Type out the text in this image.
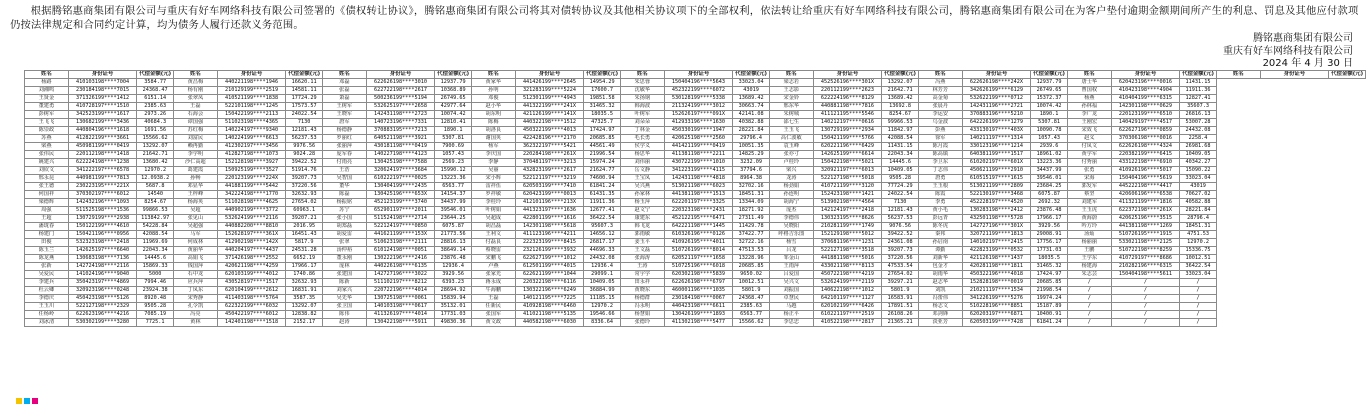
根据腾铭惠商集团有限公司与重庆有好车网络科技有限公司签署的《债权转让协议》，腾铭惠商集团有限公司将其对债转协议及其他相关协议项下的全部权利，依法转让给重庆有好车网络科技有限公司，腾铭惠商集团有限公司在为客户垫付逾期金额期间所产生的利息、罚息及其他应付款项仍按法律规定和合同约定计算，均为债务人履行还款义务范围。
腾铭惠商集团有限公司
重庆有好车网络科技有限公司
2024 年 4 月 30 日
姓名	身份证号	代偿金额(元)	姓名	身份证号	代偿金额(元)	姓名	身份证号	代偿金额(元)	姓名	身份证号	代偿金额(元)	姓名	身份证号	代偿金额(元)	姓名	身份证号	代偿金额(元)	姓名	身份证号	代偿金额(元)	姓名	身份证号	代偿金额(元)	姓名	身份证号	代偿金额(元)
杨路	410103198****7004	3584.77	黄昌梅	440221198****1946	16620.11	邓磊	622626198****3010	12937.79	黄家华	441426199****2645	14954.29	朱思蓉	150404196****5643	33023.04	梁志若	452526196****301X	13292.07	冯燕	622626198****242X	12937.79	唐士华	620423196****0016	11431.15			
刘湘鸣	230184198****7015	24368.47	杨有刚	210129199****2519	14581.11	张磊	622722198****2617	10368.89	孙明	321283199****5224	17600.7	沈敏华	452322199****6072	43019	王志影	220112199****2623	21642.71	林芳芳	342626199****6129	26749.65	曹国权	410423198****4904	11911.36			
王贤金	371326199****1412	6151.14	张翠凤	410521199****1838	17724.29	萧磊	500236199****5194	26749.65	邓俊	512301199****4943	19851.58	朱扬钢	530128199****5338	13689.42	宋金铃	622224196****8129	13689.42	高金菊	532622199****0712	15372.37	杨燕	410404199****6315	12827.41			
董建勇	410728197****1510	2385.63	王磊	522101198****1245	17573.57	王树军	532625197****2658	42977.64	赵小华	441322199****241X	31465.32	韩海波	211324199****3012	30663.74	邢东华	440881198****7816	13692.8	张晨丹	142431196****2721	10074.42	孙林福	142301198****0629	35607.3			
彭树军	342523199****1617	2973.26	石海会	150422199****2113	24022.54	王晓军	142431198****2723	10074.42	胡东明	421126199****141X	18035.5	叶树军	152626197****091X	42141.08	朱树城	411121195****5546	8254.67	李运安	370883196****5210	1890.1	李广龙	220123199****6510	26816.13			
王飞飞	130682199****3436	40684.3	谭国强	511023198****4365	7130	唐军	140723196****7331	12810.41	陈梅	440322198****1512	47325.7	刘朵朵	412933196****1630	40382.88	邵七生	140212197****0616	99966.53	乌金波	642226199****1279	5307.81	王刚宏	140429197****4517	53007.28			
陈崇政	440804196****1618	1691.56	苏红梅	140224197****9340	12181.43	杨德静	370883195****7213	1890.1	胡洛良	450322199****4013	17424.97	丁林金	450330199****1947	28221.84	王玉飞	130729199****2934	11842.97	彭燕	433130197****403X	10090.78	宋效飞	622627196****0859	24432.08			
苏燕	412822199****3661	15566.62	刘富民	140224199****6613	56237.53	罗丽红	640521198****3921	5307.81	谢国英	422428196****2170	20685.85	毛长勇	420625198****2560	29796.4	高仁波敏	150421199****5766	42088.54	徐军	140211197****1314	1057.43	赵义	370306198****0016	2258.4			
梁燕	450981199****0419	13292.07	赖再勤	412302197****3456	9976.56	张丽萍	430181198****0419	7900.69	杨军	362322197****5421	44561.49	侯学义	441421199****0419	10051.35	袁玉峰	620221196****6429	11431.15	陈月霞	330123196****1214	2939.6	付凤文	622626198****4324	26981.68			
张伟民	220112198****1418	21642.71	李学明	412827198****1073	9024.28	庞军春	140227198****4123	1057.43	李庆国	220284198****261X	21996.54	杨思华	411381198****2211	14825.29	张亦寸	142625199****6614	22043.34	陈高镇	640381199****1517	18961.02	黄学军	220382199****6415	10409.05			
姚建兴	622224198****1238	13680.42	沙仁高超	152128198****3927	39422.52	付雨亮	130425198****7588	2569.23	李静	370481197****3213	15974.24	刘伟丽	430722199****1010	3232.09	卢桂玲	150422198****5021	14445.6	李卫东	610202197****601X	13223.36	付秀丽	433122198****6910	40342.27			
刘钦文	341222197****6578	12970.2	葛建霞	150925199****3527	51914.76	王浩	320624197****3684	15990.12	吴丽	432823199****2617	21624.77	岳文静	341223199****4115	37794.6	梁兴	320921197****6013	10409.05	丁志伟	450621199****2910	34437.99	张勇	410926196****5017	15090.22			
邢永昆	440981199****7813	12.0938.2	孙畅	220123199****224X	39207.73	吴智国	610222197****0025	13223.36	宋小辉	522121197****3219	74600.94	王宝凤	142431198****4818	8964.38	龙涛	522127198****5018	9505.28	唐勇	610515197****1615	39546.01	宋海	150404196****5619	33023.04			
张王德	230223195****221X	5687.8	邓显华	441881199****5442	37220.56	董华	130404199****2435	6563.77	雷祥伍	620503199****7410	61841.24	吴兴燕	513021198****6023	32702.16	杨劲娟	410721199****3120	77724.29	王玉根	513021199****2809	23684.25	郭发军	445222198****4417	43019			
何国祥	370302197****6012	14540	王梓峰	342224198****1770	32632.93	陈磊	130425196****653X	14154.37	罗祥敏	620423199****0013	61431.35	孙家林	441381198****1513	18451.31	孙连明	152423198****1421	24022.54	陈霞	522130197****3468	6075.87	蔡坚	420606196****6538	70627.02			
梁德辉	142432196****1093	8254.67	杨海英	511028198****4625	27654.02	杨振铭	452123199****3740	34437.99	李桂玲	412101196****213X	11911.36	杨玉萍	622201197****3325	13344.09	胡海宁	513902198****4564	7130	李勇	452228197****4520	2692.32	刘建军	411321199****1816	40582.88			
周强	511525198****1536	99866.53	吴超	440902199****3772	60963.1	苏宁	652901197****2011	39546.01	叶树娟	441323197****1636	12677.41	赵文宁	220323198****2431	18271.92	庞杰	142124197****2418	12181.43	黄小毛	130283198****2412	23876.48	王玉虎	622372198****261X	28221.84			
王超	130729199****2938	113842.97	张见山	532624199****2116	39207.21	张小国	511524198****2714	23644.25	吴超成	422801199****1616	36422.54	康建东	452122195****6471	27311.49	李德伟	130323195****8626	56237.53	彭远青	432501198****5728	17966.17	黄海蔚	420625196****3515	28796.4			
潘珑春	150122199****4610	54228.84	吴超强	440882200****8810	2016.95	胡郑磊	522124197****0850	6075.87	胡昌磊	142301198****5618	95607.3	韩飞龙	642221198****1445	11429.78	吴晓阳	210281199****1749	9076.56	陈冬虎	142727196****301X	3929.56	吟方玲	441381198****1269	18451.31			
杨建门	150421196****0956	42088.54	马军	152628197****361X	16451.43	胡爱雷	441621199****153X	21773.56	王利文	411123196****4211	14656.12	郭雨敏	610326196****0126	37422.77	呼格吉乐图	152129198****5012	39422.52	秦邦	320721199****1813	29008.91	汤灿	510726195****1915	4751.53			
田俊	532323198****2418	11969.69	何成林	412902198****142X	5817.9	张翠	510623198****2111	28816.13	付磊良	222323199****8415	26817.17	姜玉平	410926195****4011	32722.16	杨雪	370681196****1231	24361.08	孙启南	140102197****2415	17756.17	杨丽丽	533021198****2125	12970.2			
陈玉兰	142625197****6640	22043.34	黄丽华	440204197****4437	24531.28	汤仲裕	610124198****0051	38649.14	蔡晓雷	232126199****3932	44696.33	王文磊	510726199****8014	47513.53	吕龙	522127198****3518	39207.73	谭勤	422823199****0532	17731.03	王鹏	510722198****8259	15336.75			
陈龙燕	130683198****7136	14445.6	高娟飞	371426198****2552	6652.19	董永刚	130222196****2416	23876.48	宋鹏飞	622627199****1012	24432.08	张海涛	620521197****1658	13228.96	邹金山	441881198****5016	37220.56	刘新华	421126198****1437	18035.5	王学东	410729197****8686	10012.51			
张新	142724198****2116	15869.33	钱国萍	420621198****4259	17966.17	庞林	440226198****6135	12936.4	卢燕	612501199****4015	12936.4	王涛	510725196****6018	20685.85	王雨萍	433021198****8113	47533.54	包金才	420281198****1811	31465.32	杨建海	210282196****6315	36422.54			
吴爱民	141024196****9040	5000	石中龙	620103199****4012	1740.86	张建国	142727196****3022	3929.56	张家光	622621199****1044	29099.1	常宇学	620302198****5839	9650.02	吕爱国	450722198****4219	27654.02	胡雨华	450322196****4018	17424.97	朱志芸	150404198****5611	33023.04			
李建兵	350423197****4869	7994.46	应兵萍	430528197****1517	32632.93	陈新	511102197****8212	6393.23	蒋永成	220322198****6116	10409.05	田永祥	622626198****6797	10012.51	吴兴文	532624199****2119	39297.21	赵志华	152828198****0019	20685.85	/	/	/			
杜云卿	320923196****0248	23924.38	丁凤东	620104199****2612	16831.91	刘家兴	220722196****4014	28694.92	牛海鹏	130322196****6249	36884.99	黄晓东	460001196****1035	5801.9	刘振国	140622198****1012	5801.9	刘凯	210211197****1534	21998.54	/	/	/			
李德庆	450423198****5126	8920.48	宋秀静	411403198****5764	3587.35	吴先华	130725198****0061	15839.94	王磊	140121195****7225	11185.15	杨德群	230184198****0067	24368.47	卓慧民	642101197****1127	16583.91	冯蕾伟	341226199****5276	19974.24	/	/	/			
王玉川	522127198****2329	9505.28	孔令凯	622322199****6032	13292.07	张卫国	140103198****0617	35132.01	任新民	410928198****6460	12970.2	冯永明	440423198****6611	2385.63	马越	620102199****6426	17891.51	杨志文	510228196****8851	15187.89	/	/	/			
任杨岭	622623196****4216	7085.19	冯亮	450422197****6012	12838.82	陈伟	411326197****4014	17731.03	张国军	411021198****5135	19546.66	杨慧娟	130426199****1893	6563.77	杨正平	610221197****2519	26108.26	邓剑锋	620203197****6871	10400.91	/	/	/			
刘冰清	530302199****3280	7725.1	黄林	142401198****1518	2152.17	赵涛	130422198****5911	49830.36	黄文政	440582198****6030	8336.64	张德玲	411302198****5477	15566.62	李思忠	410522198****2817	21365.21	淡亚芳	620503199****7428	61841.24	/	/	/			
